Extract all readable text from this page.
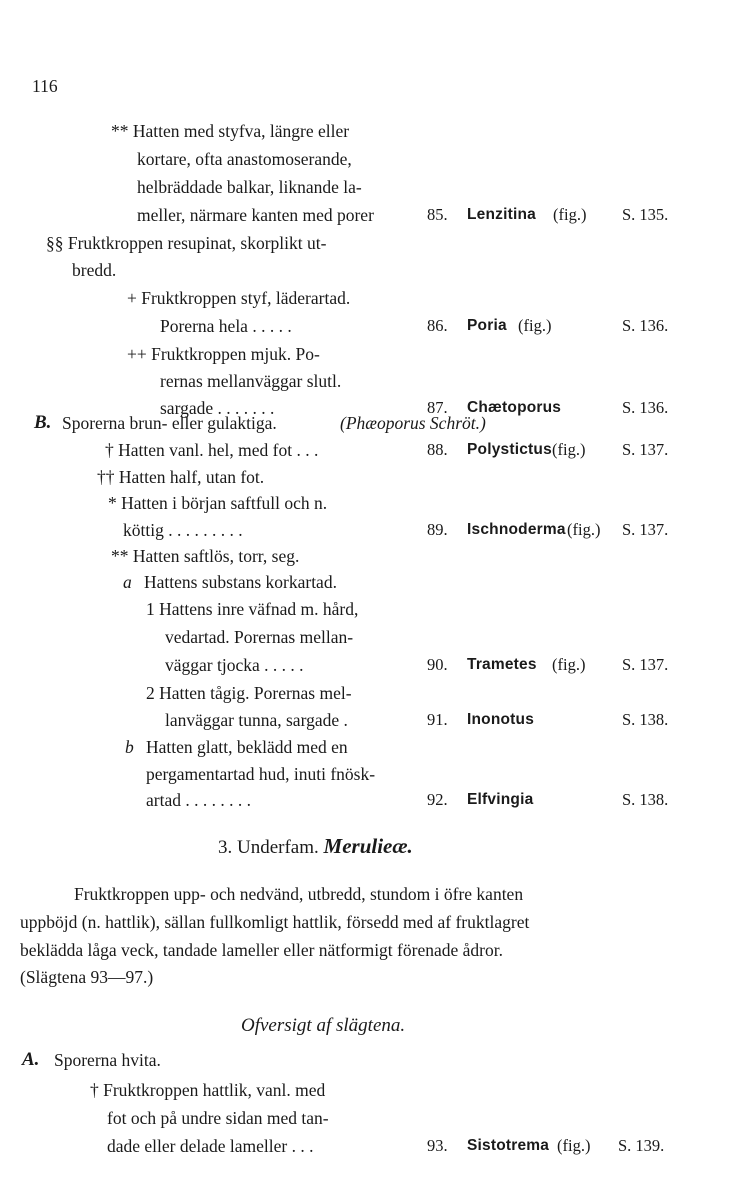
116
** Hatten med styfva, längre eller
kortare, ofta anastomoserande,
helbräddade balkar, liknande la-
meller, närmare kanten med porer	85. Lenzitina (fig.) S. 135.
§§ Fruktkroppen resupinat, skorplikt ut-
bredd.
+ Fruktkroppen styf, läderartad.
Porerna hela . . . . .	86. Poria (fig.)	S. 136.
++ Fruktkroppen mjuk. Po-
rernas mellanväggar slutl.
sargade . . . . . . .	87. Chætoporus	S. 136.
B. Sporerna brun- eller gulaktiga.	(Phæoporus Schröt.)
† Hatten vanl. hel, med fot . . .	88. Polystictus (fig.) S. 137.
†† Hatten half, utan fot.
* Hatten i början saftfull och n.
köttig . . . . . . . . .	89. Ischnoderma (fig.) S. 137.
** Hatten saftlös, torr, seg.
a Hattens substans korkartad.
1 Hattens inre väfnad m. hård,
vedartad. Porernas mellan-
väggar tjocka . . . . .	90. Trametes (fig.) S. 137.
2 Hatten tågig. Porernas mel-
lanväggar tunna, sargade .	91. Inonotus	S. 138.
b Hatten glatt, beklädd med en
pergamentartad hud, inuti fnösk-
artad . . . . . . . .	92. Elfvingia	S. 138.
3. Underfam. Merulieæ.
Fruktkroppen upp- och nedvänd, utbredd, stundom i öfre kanten
uppböjd (n. hattlik), sällan fullkomligt hattlik, försedd med af fruktlagret
beklädda låga veck, tandade lameller eller nätformigt förenade ådror.
(Slägtena 93—97.)
Ofversigt af slägtena.
A. Sporerna hvita.
† Fruktkroppen hattlik, vanl. med
fot och på undre sidan med tan-
dade eller delade lameller . . .	93. Sistotrema (fig.) S. 139.
